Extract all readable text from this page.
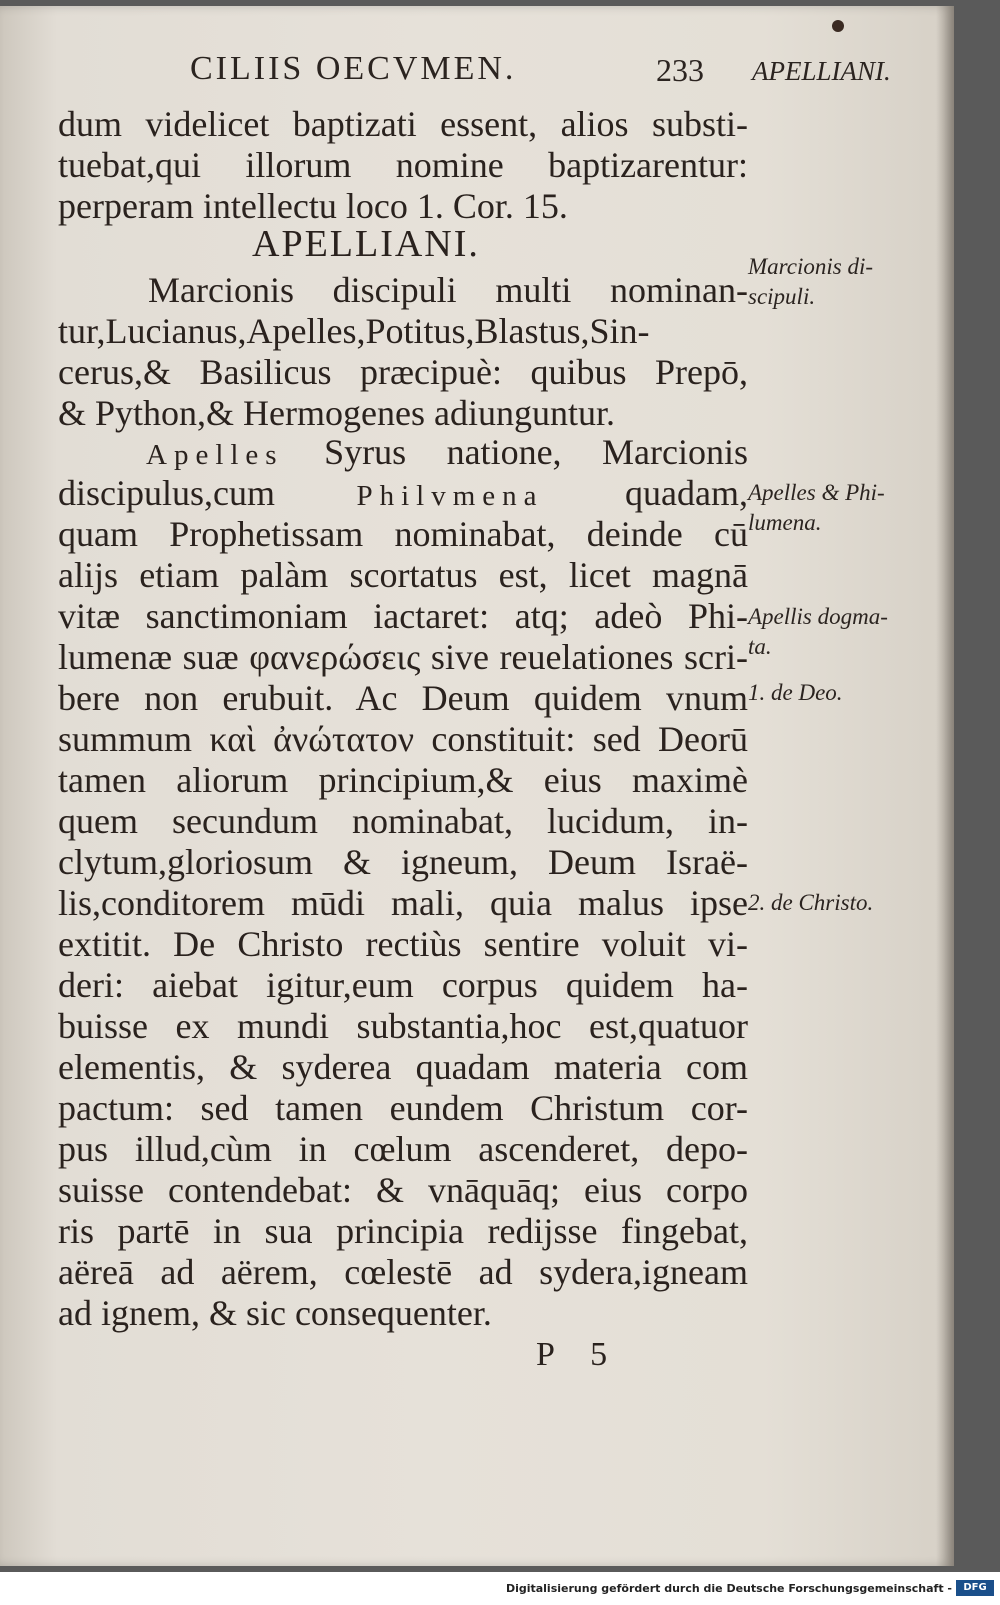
CILIIS OECVMEN.	233 APELLIANI.
dum videlicet baptizati essent, alios substi-
tuebat,qui illorum nomine baptizarentur:
perperam intellectu loco 1. Cor. 15.
APELLIANI.
Marcionis discipuli multi nominan-
tur,Lucianus,Apelles,Potitus,Blastus,Sin-
cerus,& Basilicus præcipuè: quibus Prepō,
& Python,& Hermogenes adiunguntur.
Apelles Syrus natione, Marcionis
discipulus,cum	Philvmena quadam,
quam Prophetissam nominabat, deinde cū
alijs etiam palàm scortatus est, licet magnā
vitæ sanctimoniam iactaret: atq; adeò Phi-
lumenæ suæ φανερώσεις sive reuelationes scri-
bere non erubuit. Ac Deum quidem vnum
summum καὶ ἀνώτατον constituit: sed Deorū
tamen aliorum principium,& eius maximè
quem secundum nominabat, lucidum, in-
clytum,gloriosum & igneum, Deum Israë-
lis,conditorem mūdi mali, quia malus ipse
extitit. De Christo rectiùs sentire voluit vi-
deri: aiebat igitur,eum corpus quidem ha-
buisse ex mundi substantia,hoc est,quatuor
elementis, & syderea quadam materia com
pactum: sed tamen eundem Christum cor-
pus illud,cùm in cœlum ascenderet, depo-
suisse contendebat: & vnāquāq; eius corpo
ris partē in sua principia redijsse fingebat,
aëreā ad aërem, cœlestē ad sydera,igneam
ad ignem, & sic consequenter.
Marcionis di-
scipuli.
Apelles & Phi-
lumena.
Apellis dogma-
ta.
1. de Deo.
2. de Christo.
P 5
Digitalisierung gefördert durch die Deutsche Forschungsgemeinschaft -	DFG
